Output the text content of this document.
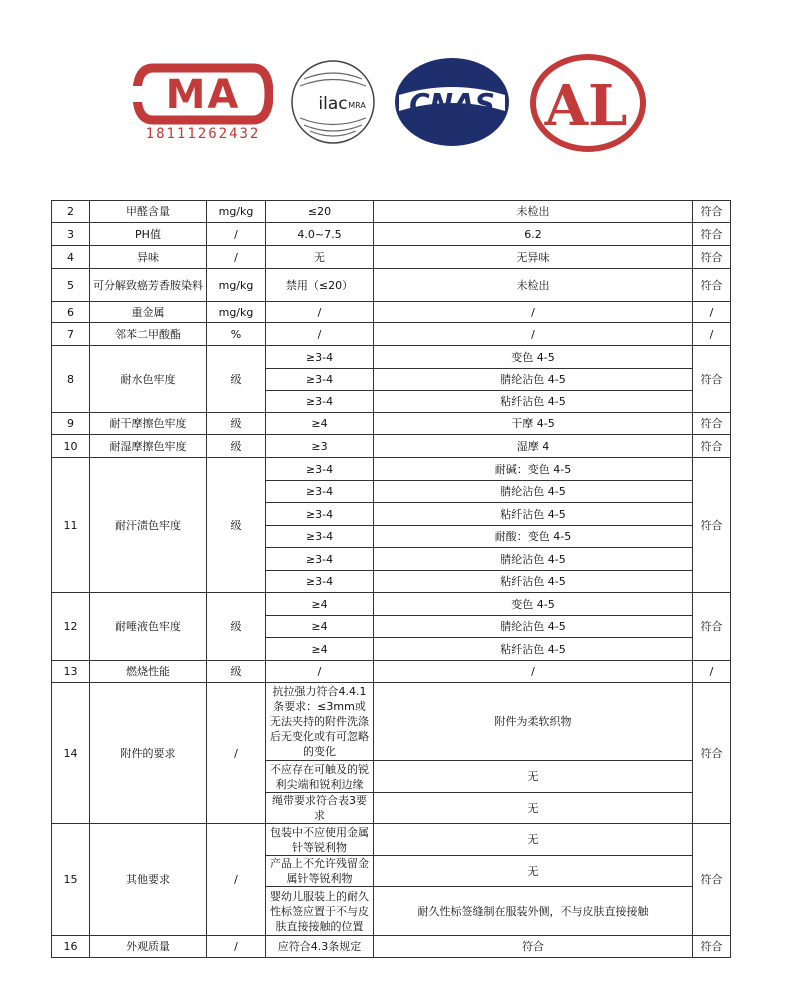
MA
18111262432
ilac MRA CNAS AL
2	甲醛含量	mg/kg	≤20	未检出	符合
3	PH值	/	4.0~7.5	6.2	符合
4	异味	/	无	无异味	符合
5	可分解致癌芳香胺染料	mg/kg	禁用（≤20）	未检出	符合
6	重金属	mg/kg	/	/	/
7	邻苯二甲酸酯	%	/	/	/
8	耐水色牢度	级	≥3-4	变色 4-5	符合
			≥3-4	腈纶沾色 4-5	
			≥3-4	粘纤沾色 4-5	
9	耐干摩擦色牢度	级	≥4	干摩 4-5	符合
10	耐湿摩擦色牢度	级	≥3	湿摩 4	符合
11	耐汗渍色牢度	级	≥3-4	耐碱：变色 4-5	符合
			≥3-4	腈纶沾色 4-5	
			≥3-4	粘纤沾色 4-5	
			≥3-4	耐酸：变色 4-5	
			≥3-4	腈纶沾色 4-5	
			≥3-4	粘纤沾色 4-5	
12	耐唾液色牢度	级	≥4	变色 4-5	符合
			≥4	腈纶沾色 4-5	
			≥4	粘纤沾色 4-5	
13	燃烧性能	级	/	/	/
14	附件的要求	/	抗拉强力符合4.4.1条要求：≤3mm或无法夹持的附件洗涤后无变化或有可忽略的变化	附件为柔软织物	符合
			不应存在可触及的锐利尖端和锐利边缘	无	
			绳带要求符合表3要求	无	
15	其他要求	/	包装中不应使用金属针等锐利物	无	符合
			产品上不允许残留金属针等锐利物	无	
			婴幼儿服装上的耐久性标签应置于不与皮肤直接接触的位置	耐久性标签缝制在服装外侧，不与皮肤直接接触	
16	外观质量	/	应符合4.3条规定	符合	符合
